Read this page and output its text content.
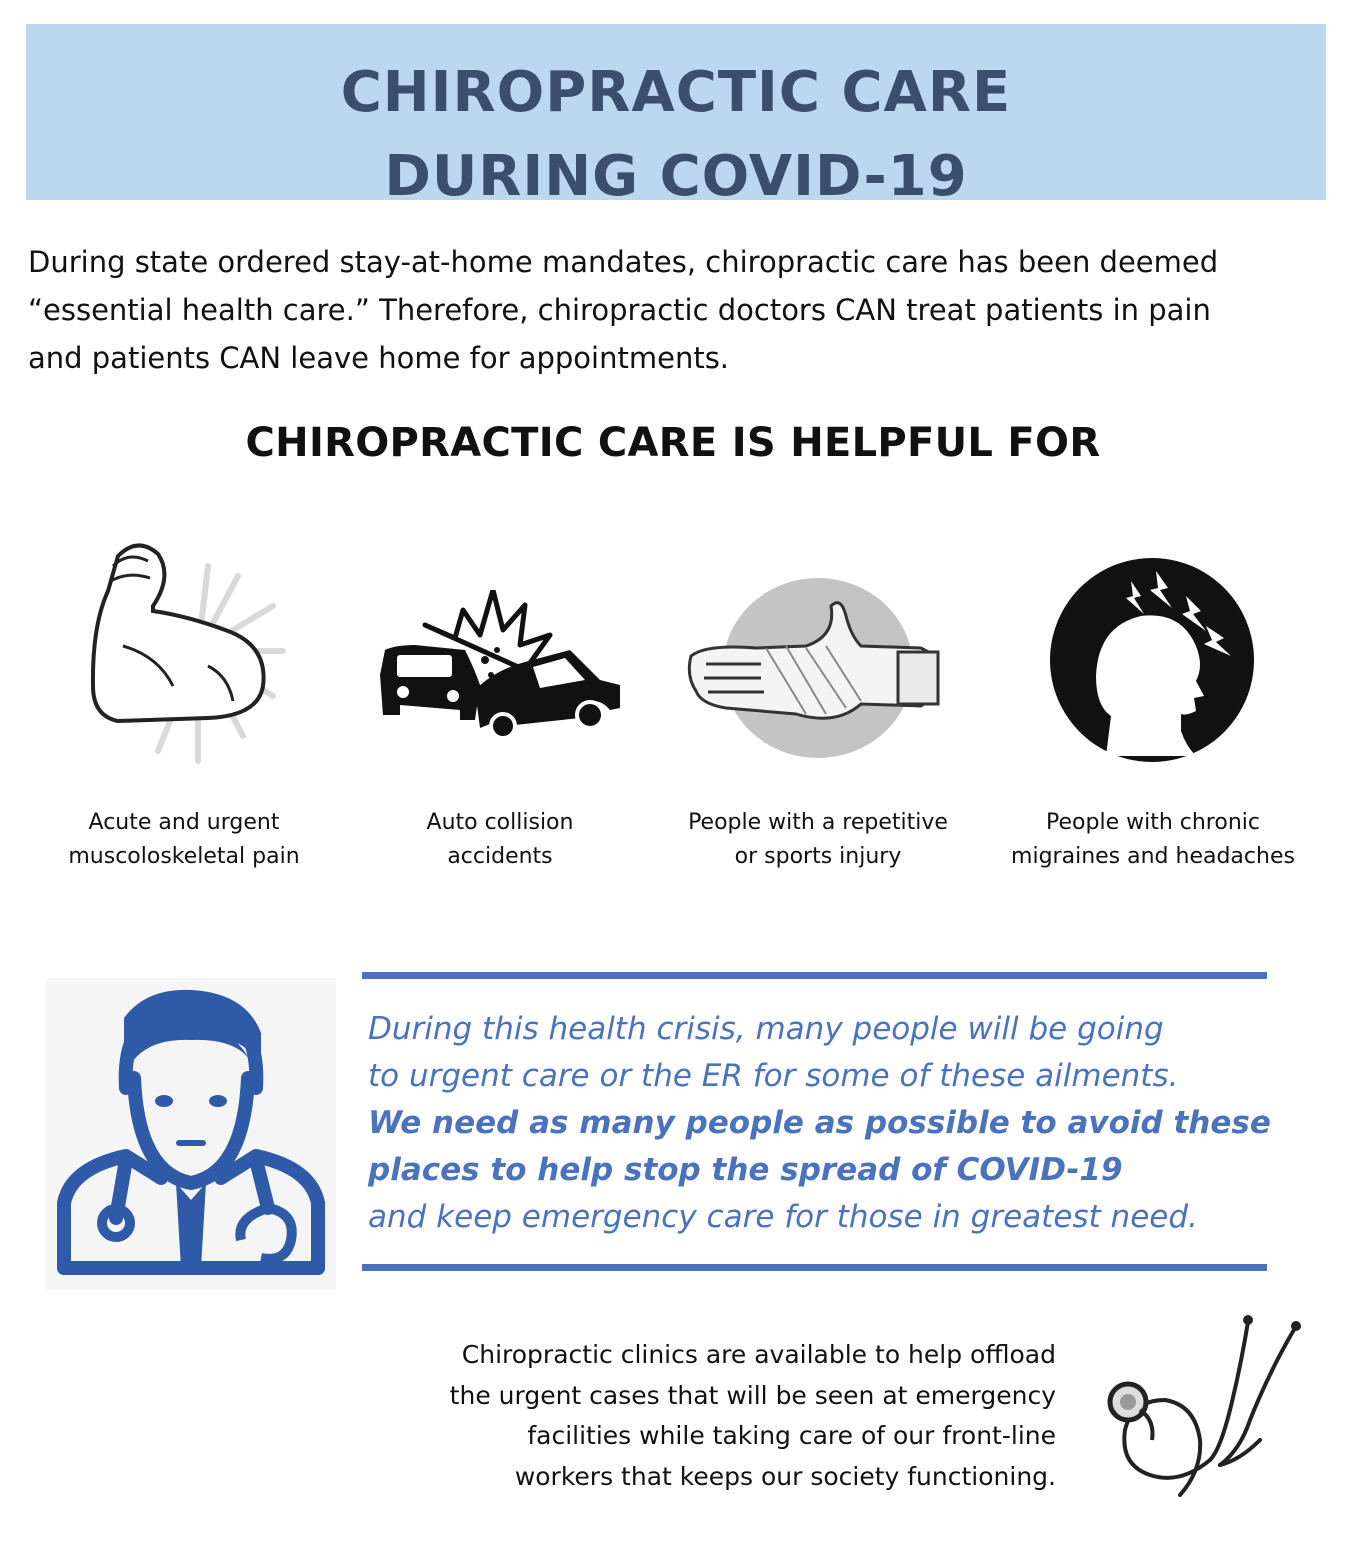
CHIROPRACTIC CARE
DURING COVID-19
During state ordered stay-at-home mandates, chiropractic care has been deemed
“essential health care.” Therefore, chiropractic doctors CAN treat patients in pain
and patients CAN leave home for appointments.
CHIROPRACTIC CARE IS HELPFUL FOR
Acute and urgent
muscoloskeletal pain
Auto collision
accidents
People with a repetitive
or sports injury
People with chronic
migraines and headaches
During this health crisis, many people will be going
to urgent care or the ER for some of these ailments.
We need as many people as possible to avoid these
places to help stop the spread of COVID-19
and keep emergency care for those in greatest need.
Chiropractic clinics are available to help offload
the urgent cases that will be seen at emergency
facilities while taking care of our front-line
workers that keeps our society functioning.
